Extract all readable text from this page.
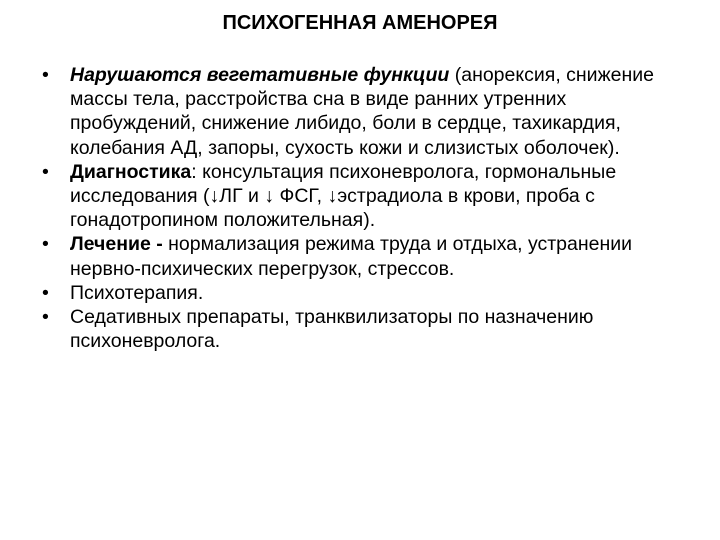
ПСИХОГЕННАЯ АМЕНОРЕЯ
•	Нарушаются вегетативные функции (анорексия, снижение массы тела, расстройства сна в виде ранних утренних пробуждений, снижение либидо, боли в сердце, тахикардия, колебания АД, запоры, сухость кожи и слизистых оболочек).
•	Диагностика: консультация психоневролога, гормональные исследования (↓ЛГ и ↓ ФСГ, ↓эстрадиола в крови, проба с гонадотропином положительная).
•	Лечение - нормализация режима труда и отдыха, устранении нервно-психических перегрузок, стрессов.
•	Психотерапия.
•	Седативных препараты, транквилизаторы по назначению психоневролога.
